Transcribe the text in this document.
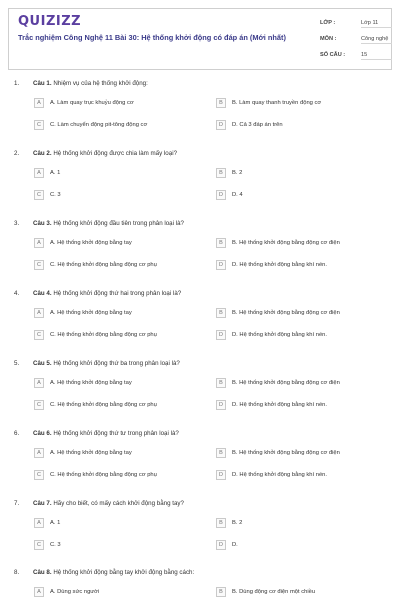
QUIZIZZ
Trắc nghiệm Công Nghệ 11 Bài 30: Hệ thống khởi động có đáp án (Mới nhất)
LỚP :	Lớp 11
MÔN :	Công nghệ
SỐ CÂU :	15
1. Câu 1. Nhiệm vụ của hệ thống khởi động:
A	A. Làm quay trục khuỷu động cơ	B	B. Làm quay thanh truyền động cơ
C	C. Làm chuyển động pit-tông động cơ	D	D. Cả 3 đáp án trên
2. Câu 2. Hệ thống khởi động được chia làm mấy loại?
A	A. 1	B	B. 2
C	C. 3	D	D. 4
3. Câu 3. Hệ thống khởi động đầu tiên trong phân loại là?
A	A. Hệ thống khởi động bằng tay	B	B. Hệ thống khởi động bằng động cơ điện
C	C. Hệ thống khởi động bằng động cơ phụ	D	D. Hệ thống khởi động bằng khí nén.
4. Câu 4. Hệ thống khởi động thứ hai trong phân loại là?
A	A. Hệ thống khởi động bằng tay	B	B. Hệ thống khởi động bằng động cơ điện
C	C. Hệ thống khởi động bằng động cơ phụ	D	D. Hệ thống khởi động bằng khí nén.
5. Câu 5. Hệ thống khởi động thứ ba trong phân loại là?
A	A. Hệ thống khởi động bằng tay	B	B. Hệ thống khởi động bằng động cơ điện
C	C. Hệ thống khởi động bằng động cơ phụ	D	D. Hệ thống khởi động bằng khí nén.
6. Câu 6. Hệ thống khởi động thứ tư trong phân loại là?
A	A. Hệ thống khởi động bằng tay	B	B. Hệ thống khởi động bằng động cơ điện
C	C. Hệ thống khởi động bằng động cơ phụ	D	D. Hệ thống khởi động bằng khí nén.
7. Câu 7. Hãy cho biết, có mấy cách khởi động bằng tay?
A	A. 1	B	B. 2
C	C. 3	D	D.
8. Câu 8. Hệ thống khởi động bằng tay khởi động bằng cách:
A	A. Dùng sức người	B	B. Dùng động cơ điện một chiều
